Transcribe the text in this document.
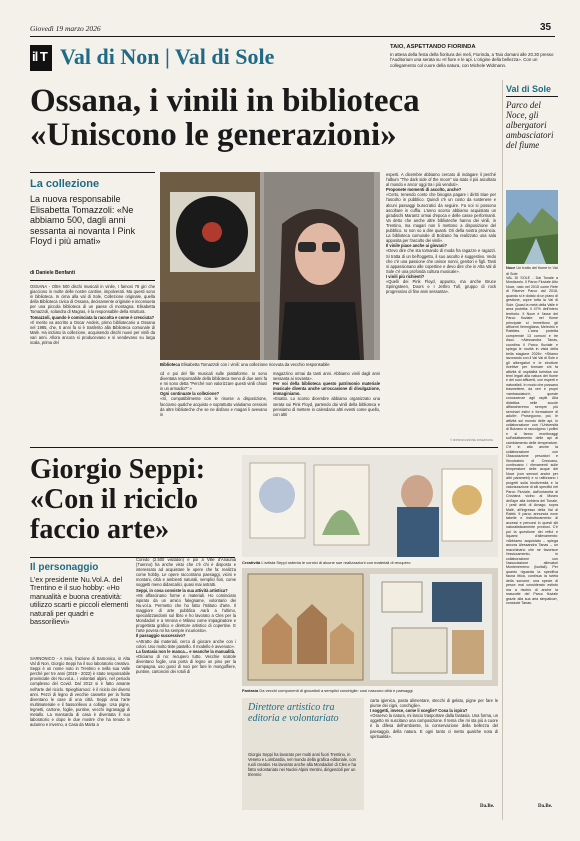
Giovedì 19 marzo 2026	35
il T Val di Non | Val di Sole	TAIO, ASPETTANDO FIORINDA
In attesa della festa della fioritura dei meli, Fiorinda, a Taio domani alle 20.30 presso l'Auditorium una serata su «Il fiore e le api. L'origine della bellezza». Con un collegamento col cuore della natura, con Michele Widmann.
Ossana, i vinili in biblioteca «Uniscono le generazioni»
La collezione
La nuova responsabile Elisabetta Tomazzoli: «Ne abbiamo 500, dagli anni sessanta ai novanta I Pink Floyd i più amati»
di Daniele Benfanti
OSSANA - Oltre 500 dischi musicali in vinile, I famosi 78 giri che giacciono in molte delle nostre cantine, impolverati. Ma questi sono in biblioteca. In cima alla val di Sole, Collezione originale, quella della Biblioteca civica di Ossana, decisamente originale e inconsueta per una piccola biblioteca di un paese di montagna. Elisabetta Tomazzoli, solandra di Magras, è la responsabile della struttura.
Tomazzoli, quando è cominciata la raccolta e come è cresciuta?
«Il merito va ascritto a Oscar Andeis, primo bibliotecario a Ossana nel 1985, che, 5 anni fa si è trasferito alla Biblioteca comunale di Malè. Ha iniziato la collezione, acquisendo dischi nuovi per vinili da vari anni. Allora ancora si producevano e si vendevano su larga scala, prima del
Biblioteca Elisabetta Tomazzoli con i vinili: una collezione ricevuta da vecchio responsabile
cd e poi del file musicali sulle piattaforme. Io sono diventata responsabile della biblioteca meno di due anni fa e mi sono detta "Perché non valorizzare questi vinili chiusi in un armadio?".»
Ogni continuate la collezione?
«Sì, compatibilmente con le risorse a disposizione, facciamo qualche acquisto e soprattutto valutiamo cessioni da altre biblioteche che se ne disfano e magari li avevano in
magazzino ormai da tanti anni. Abbiamo vinili dagli anni sessanta ai novanta».
Per voi della biblioteca questo patrimonio materiale musicale diventa anche un'occasione di divulgazione, immaginiamo.
«Esatto. Lo scorso dicembre abbiamo organizzato una serata sui Pink Floyd, partendo dai vinili della biblioteca e pensiamo di mettere in calendario altri eventi come quello, con altri
esperti. A dicembre abbiamo cercato di indagare il perché l'album "The dark side of the moon" sia stato il più ascoltato al mondo e ancor oggi tra i più venduti».
Proponete momenti di ascolto, anche?
«Certo, tenendo conto che bisogna pagare i diritti Siae per l'ascolto in pubblico. Quindi c'è un costo da sostenere e alcuni passaggi burocratici da seguire. Fa noi si possono ascoltare in cuffia. L'anno scorso abbiamo acquistato un giradischi Marantz ormai d'epoca e delle casse performanti. Va detto che anche altre biblioteche hanno dei vinili, in Trentino, ma magari non li mettono a disposizione del pubblico. Io non so a dire quanti. Ori della nostra provincia. La biblioteca comunale di Bolzano ha realizzato una sala apposita per l'ascolto dei vinili».
Il vinile piace anche ai giovani?
«Devo dire che sta tornando di moda fra ragazze e ragazzi. Si tratta di un bell'oggetto, il suo ascolto è suggestivo. Vedo che c'è una passione che unisce nonni, genitori e figli. Tanti si appassionano alle copertine e devo dire che in Alta Val di Sole c'è una profonda cultura musicale».
I vinili più richiesti?
«Quelli dei Pink Floyd, appunto, ma anche Bruce Springsteen, Doors e I Jethro Tull, gruppo di rock progressivo di fine anni sessanta».
© RIPRODUZIONE RISERVATA
Giorgio Seppi: «Con il riciclo faccio arte»
Il personaggio
L'ex presidente Nu.Vol.A. del Trentino e il suo hobby: «Ho manualità e buona creatività: utilizzo scarti e piccoli elementi naturali per quadri e bassorilievi»
SARNONICO - A Seio, frazione di Sarnonico, in Alta Val di Non, Giorgio Seppi ha il suo laboratorio creativo. Seppi è un nome noto in Trentino e nella sua Valle perché per tre anni (2019 - 2022) è stato responsabile provinciale dei Nu.vol.a., i volontari alpini, nel periodo complesso del Covid. Dal 2012 si è fatto amante nell'arte del riciclo. Spieghiamoci: è il riciclo dei diversi anni. Pezzi di legno di vecchie cassette per la frutta diventano le case di una città. Seppi ama l'arte multimateriale e il bassorilievo a collage. Usa pigne, legnetti, cartone, foglie, puntine, vecchi ingranaggi di metallo. La mansarda di casa è diventata il suo laboratorio e dopo le due mostre che ha tenuto in autunno e inverno, a Casa da Marta a
Coredo (2.500 visitatori) e poi a Ville d'Anaunia (Tuenno) ha anche visto che c'è chi è disposto e interessato ad acquistare le opere che fa: realizza come hobby. Le opere raccontano paesaggi, vicini e montani, città e ambienti naturali, semplici fiori, come soggetti meno didascalici, quasi mai astratti.
Seppi, in cosa consiste la sua attività artistica?
«Mi affascinano forme e materiali. Ho cominciato ispirato da un amico falegname, volontario dei Nu.vol.a. Permetto che ho fatto l'Istituto d'arte. Il maggiore di arte pubblica Aarà a l'ultimo, specializzandomi sul libro e ho lavorato a Cles per la Mondadori e a Verona e Milano come impaginatore e progettista grafico e direttore artistico di copertine. E l'arte povera mi ha sempre incuriosito».
Il passaggio successivo?
«Attratto dai materiali, cerco di giocare anche con i colori. Uso molto tinte pastello. Il modello è avvenuto».
La fantasia non le manca... e neanche la manualità.
«Diciamo di no: recupero tutto. Vecchie scatole diventano foglie, una porta di legno un pino per la campagna, uso gusci di noci per fare le mongolfiere, puntine, cartoncini dei rotoli di
Creatività L'artista Seppi ostenta le cornici di alcune sue realizzazioni con materiali di recupero
Fantasia Da vecchi componenti di giocattoli a semplici conchiglie: così nascono città e paesaggi
Direttore artistico tra editoria e volontariato
Giorgio Seppi ha lavorato per molti anni fuori Trentino, in Veneto e Lombardia, nel mondo della grafica editoriale, con ruoli creativi. Ha lavorato anche alla Mondadori di Cles e ha fatto volontariato nei Nuclei Alpini trentini, dirigendoli per un triennio
carta igienica, pasta alimentare, stecchi di gelato, pigne per fare le piume dei cigni, conchiglie».
I soggetti, invece, come li sceglie? Cosa la ispira?
«Osservo la natura, mi lascio trasportare dalla fantasia. Una forma, un oggetto mi suscitano una composizione. Il tema che mi sta più a cuore è la difesa dell'ambiente, la conservazione della bellezza del paesaggio, della natura. E ogni tanto ci metto qualche nota di spiritualità».
Da.Be.
Val di Sole
Parco del Noce, gli albergatori ambasciatori del fiume
Noce Un tratto del fiume in Val di Sole
VAL DI SOLE - Dal Tonale a Mostizzolo. Il Parco Fluviale Alto Noce, nato nel 2015 come Rete di Riserve Parco dal 2018, quando si è dotato di un piano di gestione, copre tutta la Val di Sole. Quasi la metà della Valle è area protetta: il 47% dell'intero territorio. Il Noce è l'asse del Parco fluviale: nel fiume principale si immettono gli affluenti Vermigliana, Meledrio e Rabbies. L'area protetta comprende 13 comuni e tre Asuc. «Alessandra Tanas, coordina il Parco fluviale e spiega le novità in vista della bella stagione 2026». «Stiamo lavorando con il Val Val di Sole e gli albergatori e le strutture ricettive per formare chi fa attività di ospitalità turistica sui temi legati alla natura del fiume e dei suoi affluenti, con esperti e naturalisti. In modo che possano trasmettere, da veri e propri «ambasciatori», queste conoscenze agli ospiti. Alla didattica nelle scuole affiancheremo sempre più seminari estivi e formazione di adulti». Proseguono, poi, le attività sul mondo delle api, in collaborazione con l'Università di Bolzano si raccolgono i pollini e si fanno monitoraggi sull'adattamento delle api al cambiamento delle temperature. C'è in atto anche la collaborazione con l'Associazione pescatori e l'incubatoio di Cresvano, continuano i rilevamenti sulle temperature delle acque del Noce (con sensori anche per altri parametri) e si rafforzano i progetti sulla biodiversità e la valorizzazione di siti specifici nel Parco Fluviale, dall'ontaneta di Croviana vicino al Museo dell'ape alla torbiera del Tonale, i prati aridi di Amago, sopra Malé, all'ingresso della Val di Rabbi. Il parco annuncia nove tabelle e ristrutturamento di accessi e percorsi in questi siti naturalisticamente preziosi. C'è poi la questione dei reflui e liquami d'allevamento: «Abbiamo acquistato – spiega ancora Alessandra Tanas – un macchinario che ne favorisce l'essiccamento, in collaborazione con l'associazione allevatori Montenerremo (Isoltali). Per quanto riguarda la specifica fauna ittica, continua la tutela della sorcone, una specie di pesce mai considerato estinto ma a rischio di anche la mascotte del Parco fluviale grazie alla sua aria simpatica», conclude Tanas.
Da.Be.
